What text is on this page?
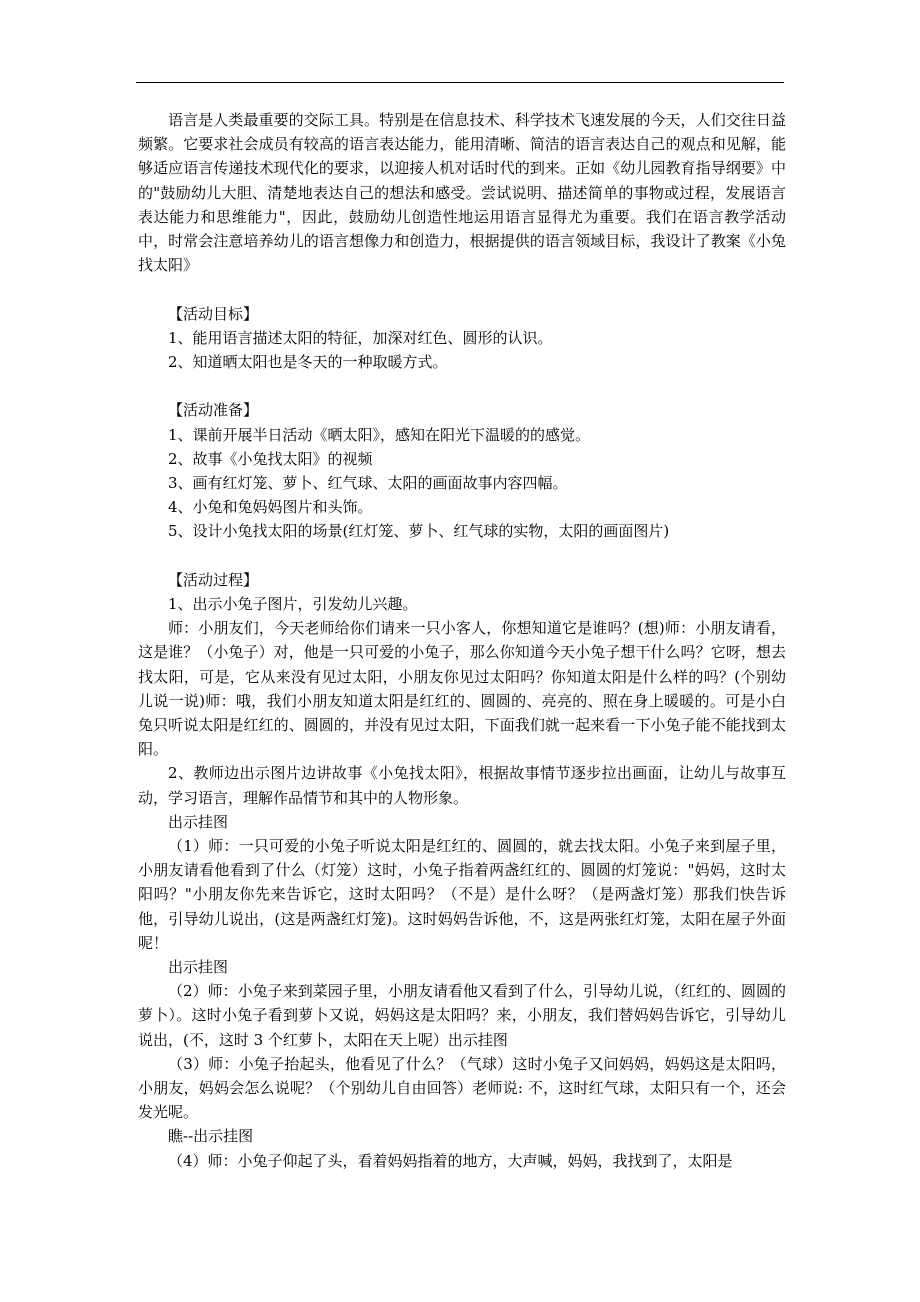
语言是人类最重要的交际工具。特别是在信息技术、科学技术飞速发展的今天，人们交往日益频繁。它要求社会成员有较高的语言表达能力，能用清晰、简洁的语言表达自己的观点和见解，能够适应语言传递技术现代化的要求，以迎接人机对话时代的到来。正如《幼儿园教育指导纲要》中的"鼓励幼儿大胆、清楚地表达自己的想法和感受。尝试说明、描述简单的事物或过程，发展语言表达能力和思维能力"，因此，鼓励幼儿创造性地运用语言显得尤为重要。我们在语言教学活动中，时常会注意培养幼儿的语言想像力和创造力，根据提供的语言领域目标，我设计了教案《小兔找太阳》

【活动目标】

1、能用语言描述太阳的特征，加深对红色、圆形的认识。

2、知道晒太阳也是冬天的一种取暖方式。

【活动准备】

1、课前开展半日活动《晒太阳》，感知在阳光下温暖的的感觉。

2、故事《小兔找太阳》的视频

3、画有红灯笼、萝卜、红气球、太阳的画面故事内容四幅。

4、小兔和兔妈妈图片和头饰。

5、设计小兔找太阳的场景(红灯笼、萝卜、红气球的实物，太阳的画面图片)

【活动过程】

1、出示小兔子图片，引发幼儿兴趣。

师：小朋友们，今天老师给你们请来一只小客人，你想知道它是谁吗？(想)师：小朋友请看，这是谁？（小兔子）对，他是一只可爱的小兔子，那么你知道今天小兔子想干什么吗？它呀，想去找太阳，可是，它从来没有见过太阳，小朋友你见过太阳吗？你知道太阳是什么样的吗？(个别幼儿说一说)师：哦，我们小朋友知道太阳是红红的、圆圆的、亮亮的、照在身上暖暖的。可是小白兔只听说太阳是红红的、圆圆的，并没有见过太阳，下面我们就一起来看一下小兔子能不能找到太阳。

2、教师边出示图片边讲故事《小兔找太阳》，根据故事情节逐步拉出画面，让幼儿与故事互动，学习语言，理解作品情节和其中的人物形象。

出示挂图

（1）师：一只可爱的小兔子听说太阳是红红的、圆圆的，就去找太阳。小兔子来到屋子里，小朋友请看他看到了什么（灯笼）这时，小兔子指着两盏红红的、圆圆的灯笼说："妈妈，这时太阳吗？"小朋友你先来告诉它，这时太阳吗？（不是）是什么呀？（是两盏灯笼）那我们快告诉他，引导幼儿说出，(这是两盏红灯笼)。这时妈妈告诉他，不，这是两张红灯笼，太阳在屋子外面呢！

出示挂图

（2）师：小兔子来到菜园子里，小朋友请看他又看到了什么，引导幼儿说，（红红的、圆圆的萝卜）。这时小兔子看到萝卜又说，妈妈这是太阳吗？来，小朋友，我们替妈妈告诉它，引导幼儿说出，(不，这时 3 个红萝卜，太阳在天上呢）出示挂图

（3）师：小兔子抬起头，他看见了什么？（气球）这时小兔子又问妈妈，妈妈这是太阳吗，小朋友，妈妈会怎么说呢？（个别幼儿自由回答）老师说: 不，这时红气球，太阳只有一个，还会发光呢。

瞧--出示挂图

（4）师：小兔子仰起了头，看着妈妈指着的地方，大声喊，妈妈，我找到了，太阳是
